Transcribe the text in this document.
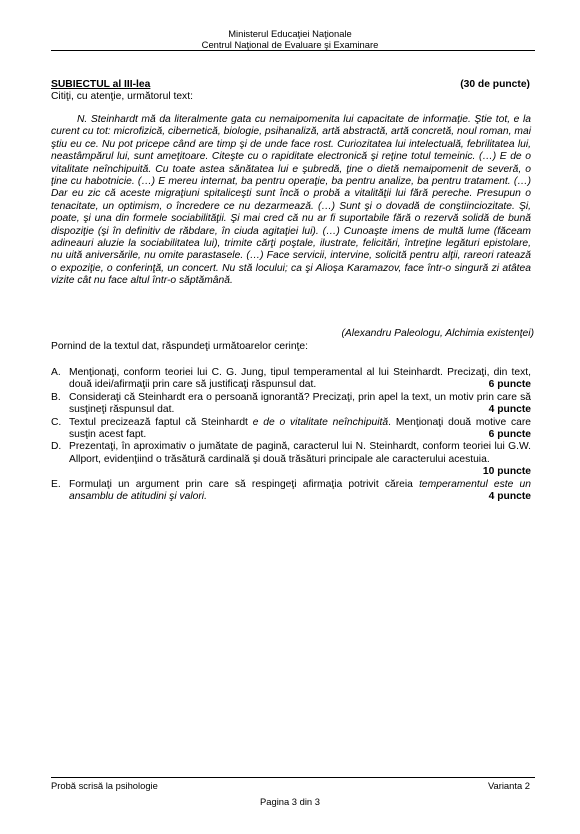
Ministerul Educaţiei Naţionale
Centrul Naţional de Evaluare şi Examinare
SUBIECTUL al III-lea	(30 de puncte)
Citiţi, cu atenţie, următorul text:

N. Steinhardt mă da literalmente gata cu nemaipomenita lui capacitate de informaţie. Ştie tot, e la curent cu tot: microfizică, cibernetică, biologie, psihanaliză, artă abstractă, artă concretă, noul roman, mai ştiu eu ce. Nu pot pricepe când are timp şi de unde face rost. Curiozitatea lui intelectuală, febrilitatea lui, neastâmpărul lui, sunt ameţitoare. Citeşte cu o rapiditate electronică şi reţine totul temeinic. (…) E de o vitalitate neînchipuită. Cu toate astea sănătatea lui e şubredă, ţine o dietă nemaipomenit de severă, o ţine cu habotnicie. (…) E mereu internat, ba pentru operaţie, ba pentru analize, ba pentru tratament. (…) Dar eu zic că aceste migraţiuni spitaliceşti sunt încă o probă a vitalităţii lui fără pereche. Presupun o tenacitate, un optimism, o încredere ce nu dezarmează. (…) Sunt şi o dovadă de conştiinciozitate. Şi, poate, şi una din formele sociabilităţii. Şi mai cred că nu ar fi suportabile fără o rezervă solidă de bună dispoziţie (şi în definitiv de răbdare, în ciuda agitaţiei lui). (…) Cunoaşte imens de multă lume (făceam adineauri aluzie la sociabilitatea lui), trimite cărţi poştale, ilustrate, felicitări, întreţine legături epistolare, nu uită aniversările, nu omite parastasele. (…) Face servicii, intervine, solicită pentru alţii, rareori ratează o expoziţie, o conferinţă, un concert. Nu stă locului; ca şi Alioşa Karamazov, face într-o singură zi atâtea vizite cât nu face altul într-o săptămână.

(Alexandru Paleologu, Alchimia existenţei)
Pornind de la textul dat, răspundeţi următoarelor cerinţe:
A. Menţionaţi, conform teoriei lui C. G. Jung, tipul temperamental al lui Steinhardt. Precizaţi, din text, două idei/afirmaţii prin care să justificaţi răspunsul dat.	6 puncte
B. Consideraţi că Steinhardt era o persoană ignorantă? Precizaţi, prin apel la text, un motiv prin care să susţineţi răspunsul dat.	4 puncte
C. Textul precizează faptul că Steinhardt e de o vitalitate neînchipuită. Menţionaţi două motive care susţin acest fapt.	6 puncte
D. Prezentaţi, în aproximativ o jumătate de pagină, caracterul lui N. Steinhardt, conform teoriei lui G.W. Allport, evidenţiind o trăsătură cardinală şi două trăsături principale ale caracterului acestuia.
10 puncte
E. Formulaţi un argument prin care să respingeţi afirmaţia potrivit căreia temperamentul este un ansamblu de atitudini şi valori.	4 puncte
Probă scrisă la psihologie	Varianta 2
Pagina 3 din 3
